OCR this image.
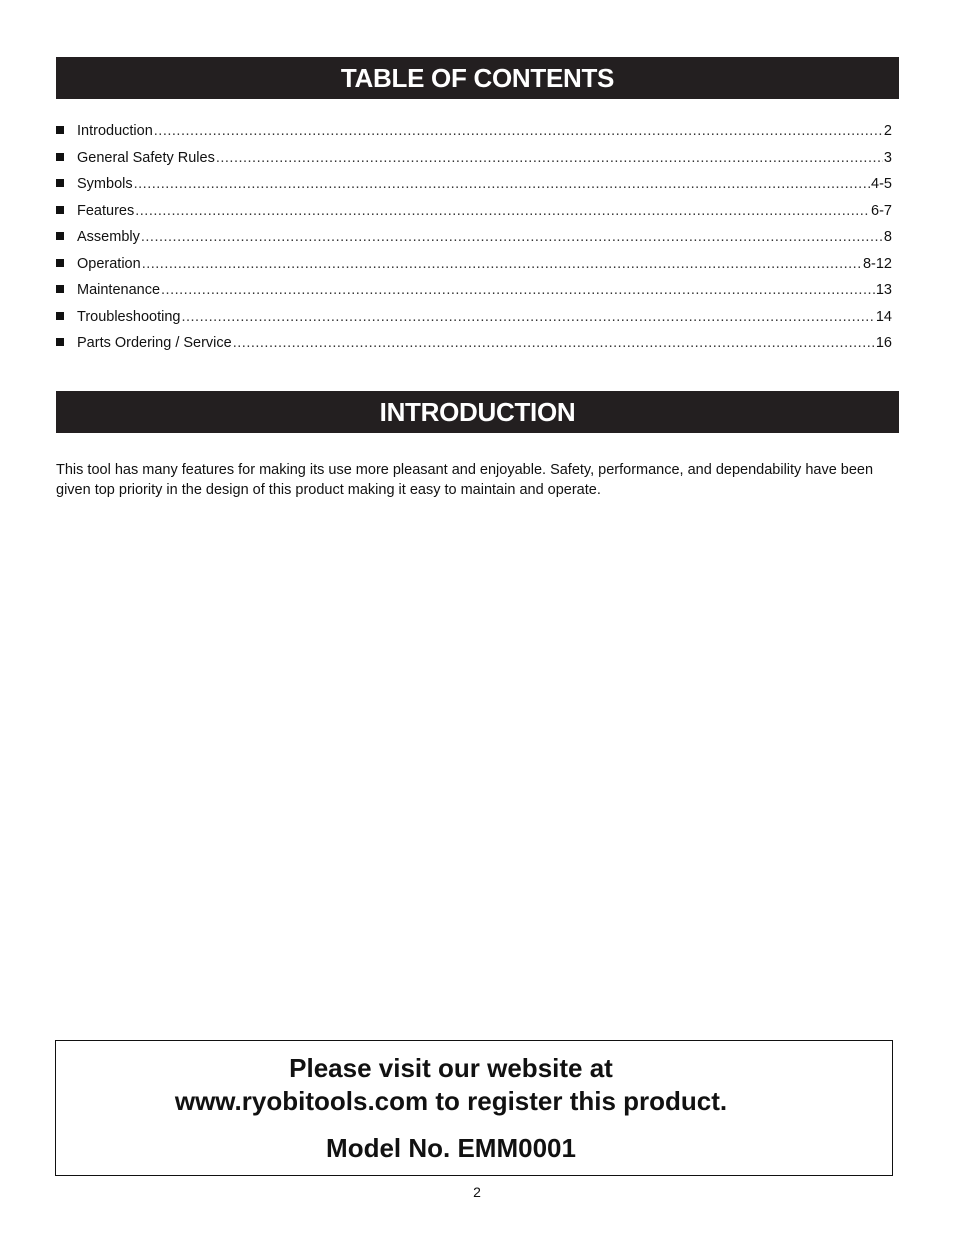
TABLE OF CONTENTS
Introduction .....	2
General Safety Rules .....	3
Symbols .....	4-5
Features .....	6-7
Assembly .....	8
Operation .....	8-12
Maintenance .....	13
Troubleshooting .....	14
Parts Ordering / Service .....	16
INTRODUCTION

This tool has many features for making its use more pleasant and enjoyable. Safety, performance, and dependability have been given top priority in the design of this product making it easy to maintain and operate.

Please visit our website at

www.ryobitools.com to register this product.

Model No. EMM0001

2
